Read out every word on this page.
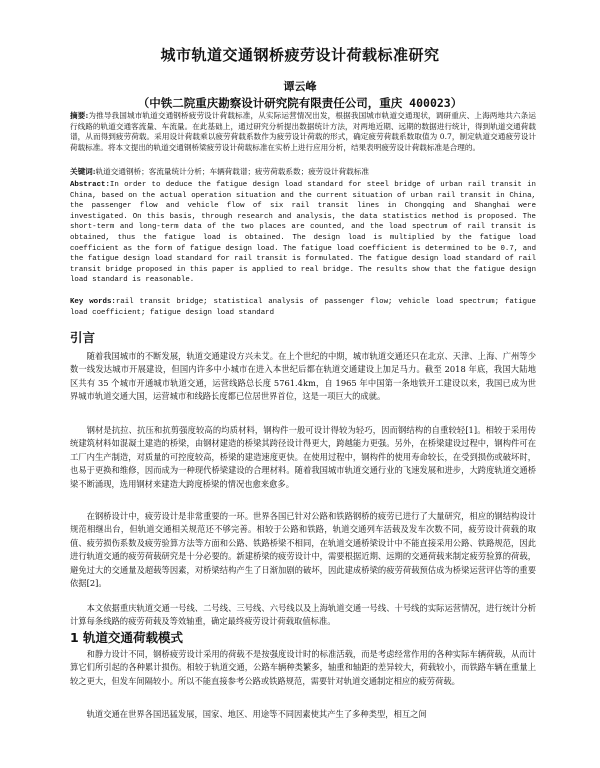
城市轨道交通钢桥疲劳设计荷载标准研究
谭云峰
（中铁二院重庆勘察设计研究院有限责任公司，重庆 400023）
摘要:为推导我国城市轨道交通钢桥疲劳设计荷载标准，从实际运营情况出发，根据我国城市轨道交通现状，调研重庆、上海两地共六条运行线路的轨道交通客流量、车流量。在此基础上，通过研究分析提出数据统计方法，对两地近期、远期的数据进行统计，得到轨道交通荷载谱，从而得到疲劳荷载。采用设计荷载乘以疲劳荷载系数作为疲劳设计荷载的形式，确定疲劳荷载系数取值为 0.7，制定轨道交通疲劳设计荷载标准。将本文提出的轨道交通钢桥梁疲劳设计荷载标准在实桥上进行应用分析，结果表明疲劳设计荷载标准是合理的。
关键词:轨道交通钢桥；客流量统计分析；车辆荷载谱；疲劳荷载系数；疲劳设计荷载标准
Abstract:In order to deduce the fatigue design load standard for steel bridge of urban rail transit in China, based on the actual operation situation and the current situation of urban rail transit in China, the passenger flow and vehicle flow of six rail transit lines in Chongqing and Shanghai were investigated. On this basis, through research and analysis, the data statistics method is proposed. The short-term and long-term data of the two places are counted, and the load spectrum of rail transit is obtained, thus the fatigue load is obtained. The design load is multiplied by the fatigue load coefficient as the form of fatigue design load. The fatigue load coefficient is determined to be 0.7, and the fatigue design load standard for rail transit is formulated. The fatigue design load standard of rail transit bridge proposed in this paper is applied to real bridge. The results show that the fatigue design load standard is reasonable.
Key words:rail transit bridge; statistical analysis of passenger flow; vehicle load spectrum; fatigue load coefficient; fatigue design load standard
引言

随着我国城市的不断发展，轨道交通建设方兴未艾。在上个世纪的中期，城市轨道交通还只在北京、天津、上海、广州等少数一线发达城市开展建设，但国内许多中小城市在进入本世纪后都在轨道交通建设上加足马力。截至 2018 年底，我国大陆地区共有 35 个城市开通城市轨道交通，运营线路总长度 5761.4km，自 1965 年中国第一条地铁开工建设以来，我国已成为世界城市轨道交通大国，运营城市和线路长度都已位居世界首位，这是一项巨大的成就。

钢材是抗拉、抗压和抗剪强度较高的均质材料，钢构件一般可设计得较为轻巧，因而钢结构的自重较轻[1]。相较于采用传统建筑材料如混凝土建造的桥梁，由钢材建造的桥梁其跨径设计得更大，跨越能力更强。另外，在桥梁建设过程中，钢构件可在工厂内生产制造，对质量的可控度较高，桥梁的建造速度更快。在使用过程中，钢构件的使用寿命较长，在受到损伤或破坏时，也易于更换和维修，因而成为一种现代桥梁建设的合理材料。随着我国城市轨道交通行业的飞速发展和进步，大跨度轨道交通桥梁不断涌现，选用钢材来建造大跨度桥梁的情况也愈来愈多。

在钢桥设计中，疲劳设计是非常重要的一环。世界各国已针对公路和铁路钢桥的疲劳已进行了大量研究，相应的钢结构设计规范相继出台，但轨道交通相关规范还不够完善。相较于公路和铁路，轨道交通列车活载及发车次数不同，疲劳设计荷载的取值、疲劳损伤系数及疲劳验算方法等方面和公路、铁路桥梁不相同，在轨道交通桥梁设计中不能直接采用公路、铁路规范，因此进行轨道交通的疲劳荷载研究是十分必要的。新建桥梁的疲劳设计中，需要根据近期、远期的交通荷载来制定疲劳验算的荷载，避免过大的交通量及超载等因素，对桥梁结构产生了日渐加剧的破坏，因此建成桥梁的疲劳荷载预估成为桥梁运营评估等的重要依据[2]。

本文依据重庆轨道交通一号线、二号线、三号线、六号线以及上海轨道交通一号线、十号线的实际运营情况，进行统计分析计算每条线路的疲劳荷载及等效轴重，确定最终疲劳设计荷载取值标准。

1 轨道交通荷载模式

和静力设计不同，钢桥疲劳设计采用的荷载不是按强度设计时的标准活载，而是考虑经常作用的各种实际车辆荷载，从而计算它们所引起的各种累计损伤。相较于轨道交通，公路车辆种类繁多，轴重和轴距的差异较大，荷载较小，而铁路车辆在重量上较之更大，但发车间隔较小。所以不能直接参考公路或铁路规范，需要针对轨道交通制定相应的疲劳荷载。

轨道交通在世界各国迅猛发展，国家、地区、用途等不同因素使其产生了多种类型，相互之间
